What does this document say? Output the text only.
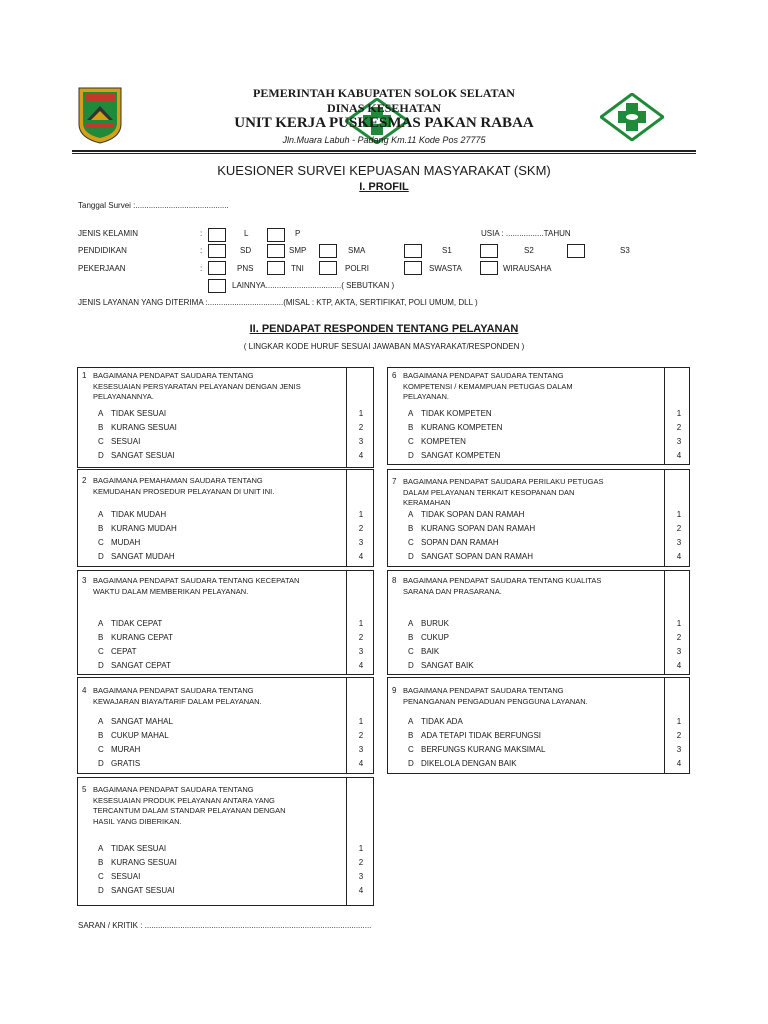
PEMERINTAH KABUPATEN SOLOK SELATAN
DINAS KESEHATAN
UNIT KERJA PUSKESMAS PAKAN RABAA
Jln.Muara Labuh - Padang Km.11 Kode Pos 27775
KUESIONER SURVEI KEPUASAN MASYARAKAT (SKM)
I. PROFIL
Tanggal Survei :..........................................
JENIS KELAMIN	:	L	P	USIA : .................TAHUN
PENDIDIKAN	:	SD	SMP	SMA	S1	S2	S3
PEKERJAAN	:	PNS	TNI	POLRI	SWASTA	WIRAUSAHA
LAINNYA..................................( SEBUTKAN )
JENIS LAYANAN YANG DITERIMA :..................................(MISAL : KTP, AKTA, SERTIFIKAT, POLI UMUM, DLL )
II. PENDAPAT RESPONDEN TENTANG PELAYANAN
( LINGKAR KODE HURUF SESUAI JAWABAN MASYARAKAT/RESPONDEN )
1 BAGAIMANA PENDAPAT SAUDARA TENTANG
KESESUAIAN PERSYARATAN PELAYANAN DENGAN JENIS
PELAYANANNYA.
A TIDAK SESUAI	1
B KURANG SESUAI	2
C SESUAI	3
D SANGAT SESUAI	4
2 BAGAIMANA PEMAHAMAN SAUDARA TENTANG
KEMUDAHAN PROSEDUR PELAYANAN DI UNIT INI.
A TIDAK MUDAH	1
B KURANG MUDAH	2
C MUDAH	3
D SANGAT MUDAH	4
3 BAGAIMANA PENDAPAT SAUDARA TENTANG KECEPATAN
WAKTU DALAM MEMBERIKAN PELAYANAN.
A TIDAK CEPAT	1
B KURANG CEPAT	2
C CEPAT	3
D SANGAT CEPAT	4
4 BAGAIMANA PENDAPAT SAUDARA TENTANG
KEWAJARAN BIAYA/TARIF DALAM PELAYANAN.
A SANGAT MAHAL	1
B CUKUP MAHAL	2
C MURAH	3
D GRATIS	4
5 BAGAIMANA PENDAPAT SAUDARA TENTANG
KESESUAIAN PRODUK PELAYANAN ANTARA YANG
TERCANTUM DALAM STANDAR PELAYANAN DENGAN
HASIL YANG DIBERIKAN.
A TIDAK SESUAI	1
B KURANG SESUAI	2
C SESUAI	3
D SANGAT SESUAI	4
6 BAGAIMANA PENDAPAT SAUDARA TENTANG
KOMPETENSI / KEMAMPUAN PETUGAS DALAM
PELAYANAN.
A TIDAK KOMPETEN	1
B KURANG KOMPETEN	2
C KOMPETEN	3
D SANGAT KOMPETEN	4
7 BAGAIMANA PENDAPAT SAUDARA PERILAKU PETUGAS
DALAM PELAYANAN TERKAIT KESOPANAN DAN
KERAMAHAN
A TIDAK SOPAN DAN RAMAH	1
B KURANG SOPAN DAN RAMAH	2
C SOPAN DAN RAMAH	3
D SANGAT SOPAN DAN RAMAH	4
8 BAGAIMANA PENDAPAT SAUDARA TENTANG KUALITAS
SARANA DAN PRASARANA.
A BURUK	1
B CUKUP	2
C BAIK	3
D SANGAT BAIK	4
9 BAGAIMANA PENDAPAT SAUDARA TENTANG
PENANGANAN PENGADUAN PENGGUNA LAYANAN.
A TIDAK ADA	1
B ADA TETAPI TIDAK BERFUNGSI	2
C BERFUNGS KURANG MAKSIMAL	3
D DIKELOLA DENGAN BAIK	4
SARAN / KRITIK : ......................................................................................................
